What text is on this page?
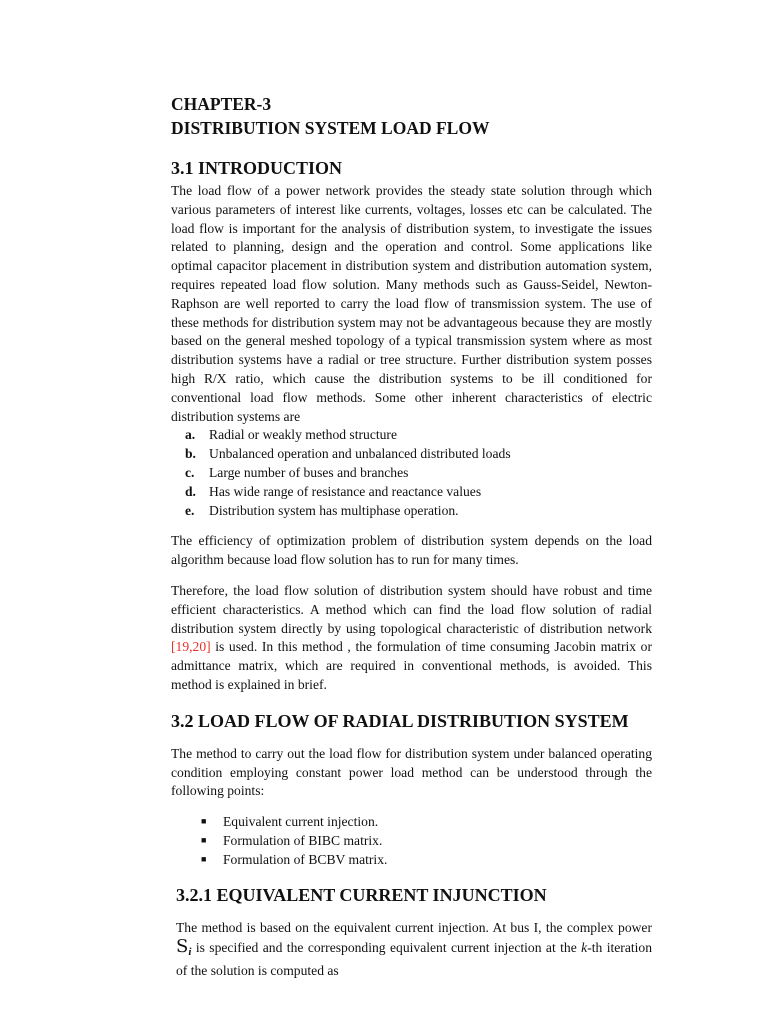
CHAPTER-3
DISTRIBUTION SYSTEM LOAD FLOW
3.1 INTRODUCTION

The load flow of a power network provides the steady state solution through which various parameters of interest like currents, voltages, losses etc can be calculated. The load flow is important for the analysis of distribution system, to investigate the issues related to planning, design and the operation and control. Some applications like optimal capacitor placement in distribution system and distribution automation system, requires repeated load flow solution. Many methods such as Gauss-Seidel, Newton-Raphson are well reported to carry the load flow of transmission system. The use of these methods for distribution system may not be advantageous because they are mostly based on the general meshed topology of a typical transmission system where as most distribution systems have a radial or tree structure. Further distribution system posses high R/X ratio, which cause the distribution systems to be ill conditioned for conventional load flow methods. Some other inherent characteristics of electric distribution systems are

a.	Radial or weakly method structure
b. Unbalanced operation and unbalanced distributed loads
c.	Large number of buses and branches
d. Has wide range of resistance and reactance values
e.	Distribution system has multiphase operation.

The efficiency of optimization problem of distribution system depends on the load algorithm because load flow solution has to run for many times.

Therefore, the load flow solution of distribution system should have robust and time efficient characteristics. A method which can find the load flow solution of radial distribution system directly by using topological characteristic of distribution network [19,20] is used. In this method , the formulation of time consuming Jacobin matrix or admittance matrix, which are required in conventional methods, is avoided. This method is explained in brief.

3.2 LOAD FLOW OF RADIAL DISTRIBUTION SYSTEM

The method to carry out the load flow for distribution system under balanced operating condition employing constant power load method can be understood through the following points:

■	Equivalent current injection.
■	Formulation of BIBC matrix.
■	Formulation of BCBV matrix.
3.2.1 EQUIVALENT CURRENT INJUNCTION

The method is based on the equivalent current injection. At bus I, the complex power $S_i$ is specified and the corresponding equivalent current injection at the k-th iteration of the solution is computed as
